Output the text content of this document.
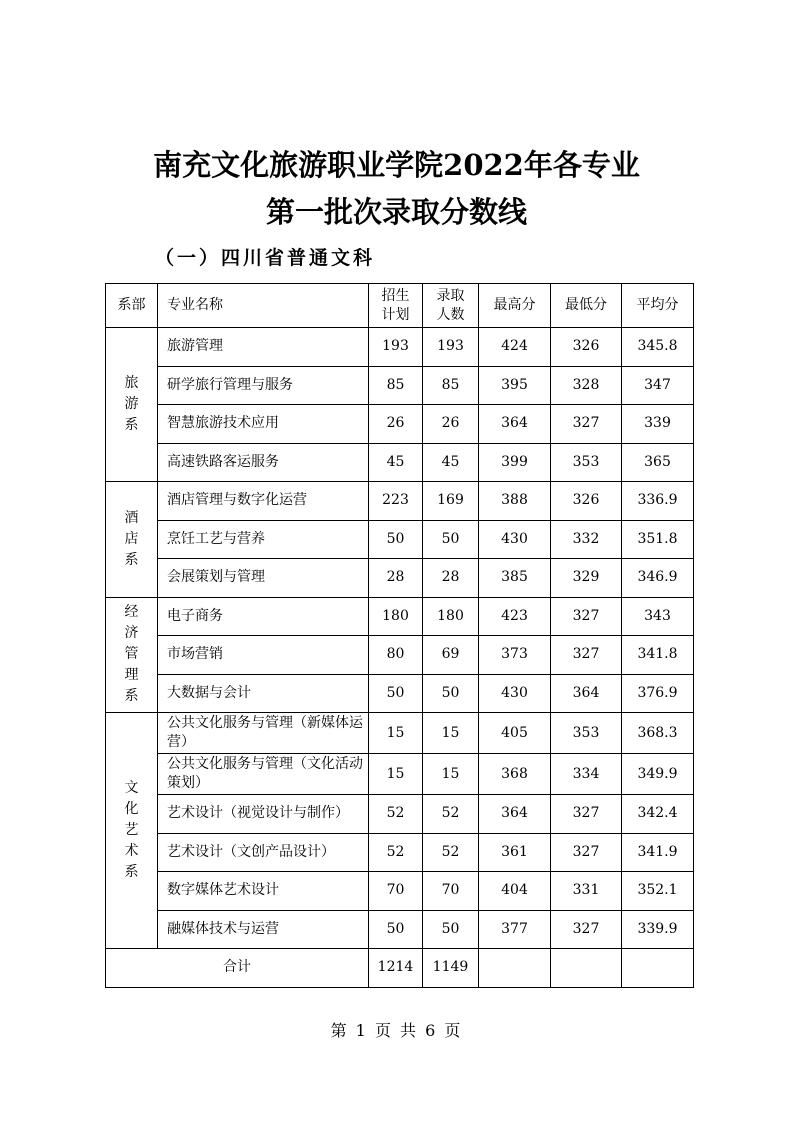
南充文化旅游职业学院2022年各专业
第一批次录取分数线
（一）四川省普通文科
系部	专业名称	招生计划	录取人数	最高分	最低分	平均分
旅游系	旅游管理	193	193	424	326	345.8
	研学旅行管理与服务	85	85	395	328	347
	智慧旅游技术应用	26	26	364	327	339
	高速铁路客运服务	45	45	399	353	365
酒店系	酒店管理与数字化运营	223	169	388	326	336.9
	烹饪工艺与营养	50	50	430	332	351.8
	会展策划与管理	28	28	385	329	346.9
经济管理系	电子商务	180	180	423	327	343
	市场营销	80	69	373	327	341.8
	大数据与会计	50	50	430	364	376.9
文化艺术系	公共文化服务与管理（新媒体运营）	15	15	405	353	368.3
	公共文化服务与管理（文化活动策划）	15	15	368	334	349.9
	艺术设计（视觉设计与制作）	52	52	364	327	342.4
	艺术设计（文创产品设计）	52	52	361	327	341.9
	数字媒体艺术设计	70	70	404	331	352.1
	融媒体技术与运营	50	50	377	327	339.9
合计		1214	1149			
第 1 页 共 6 页
